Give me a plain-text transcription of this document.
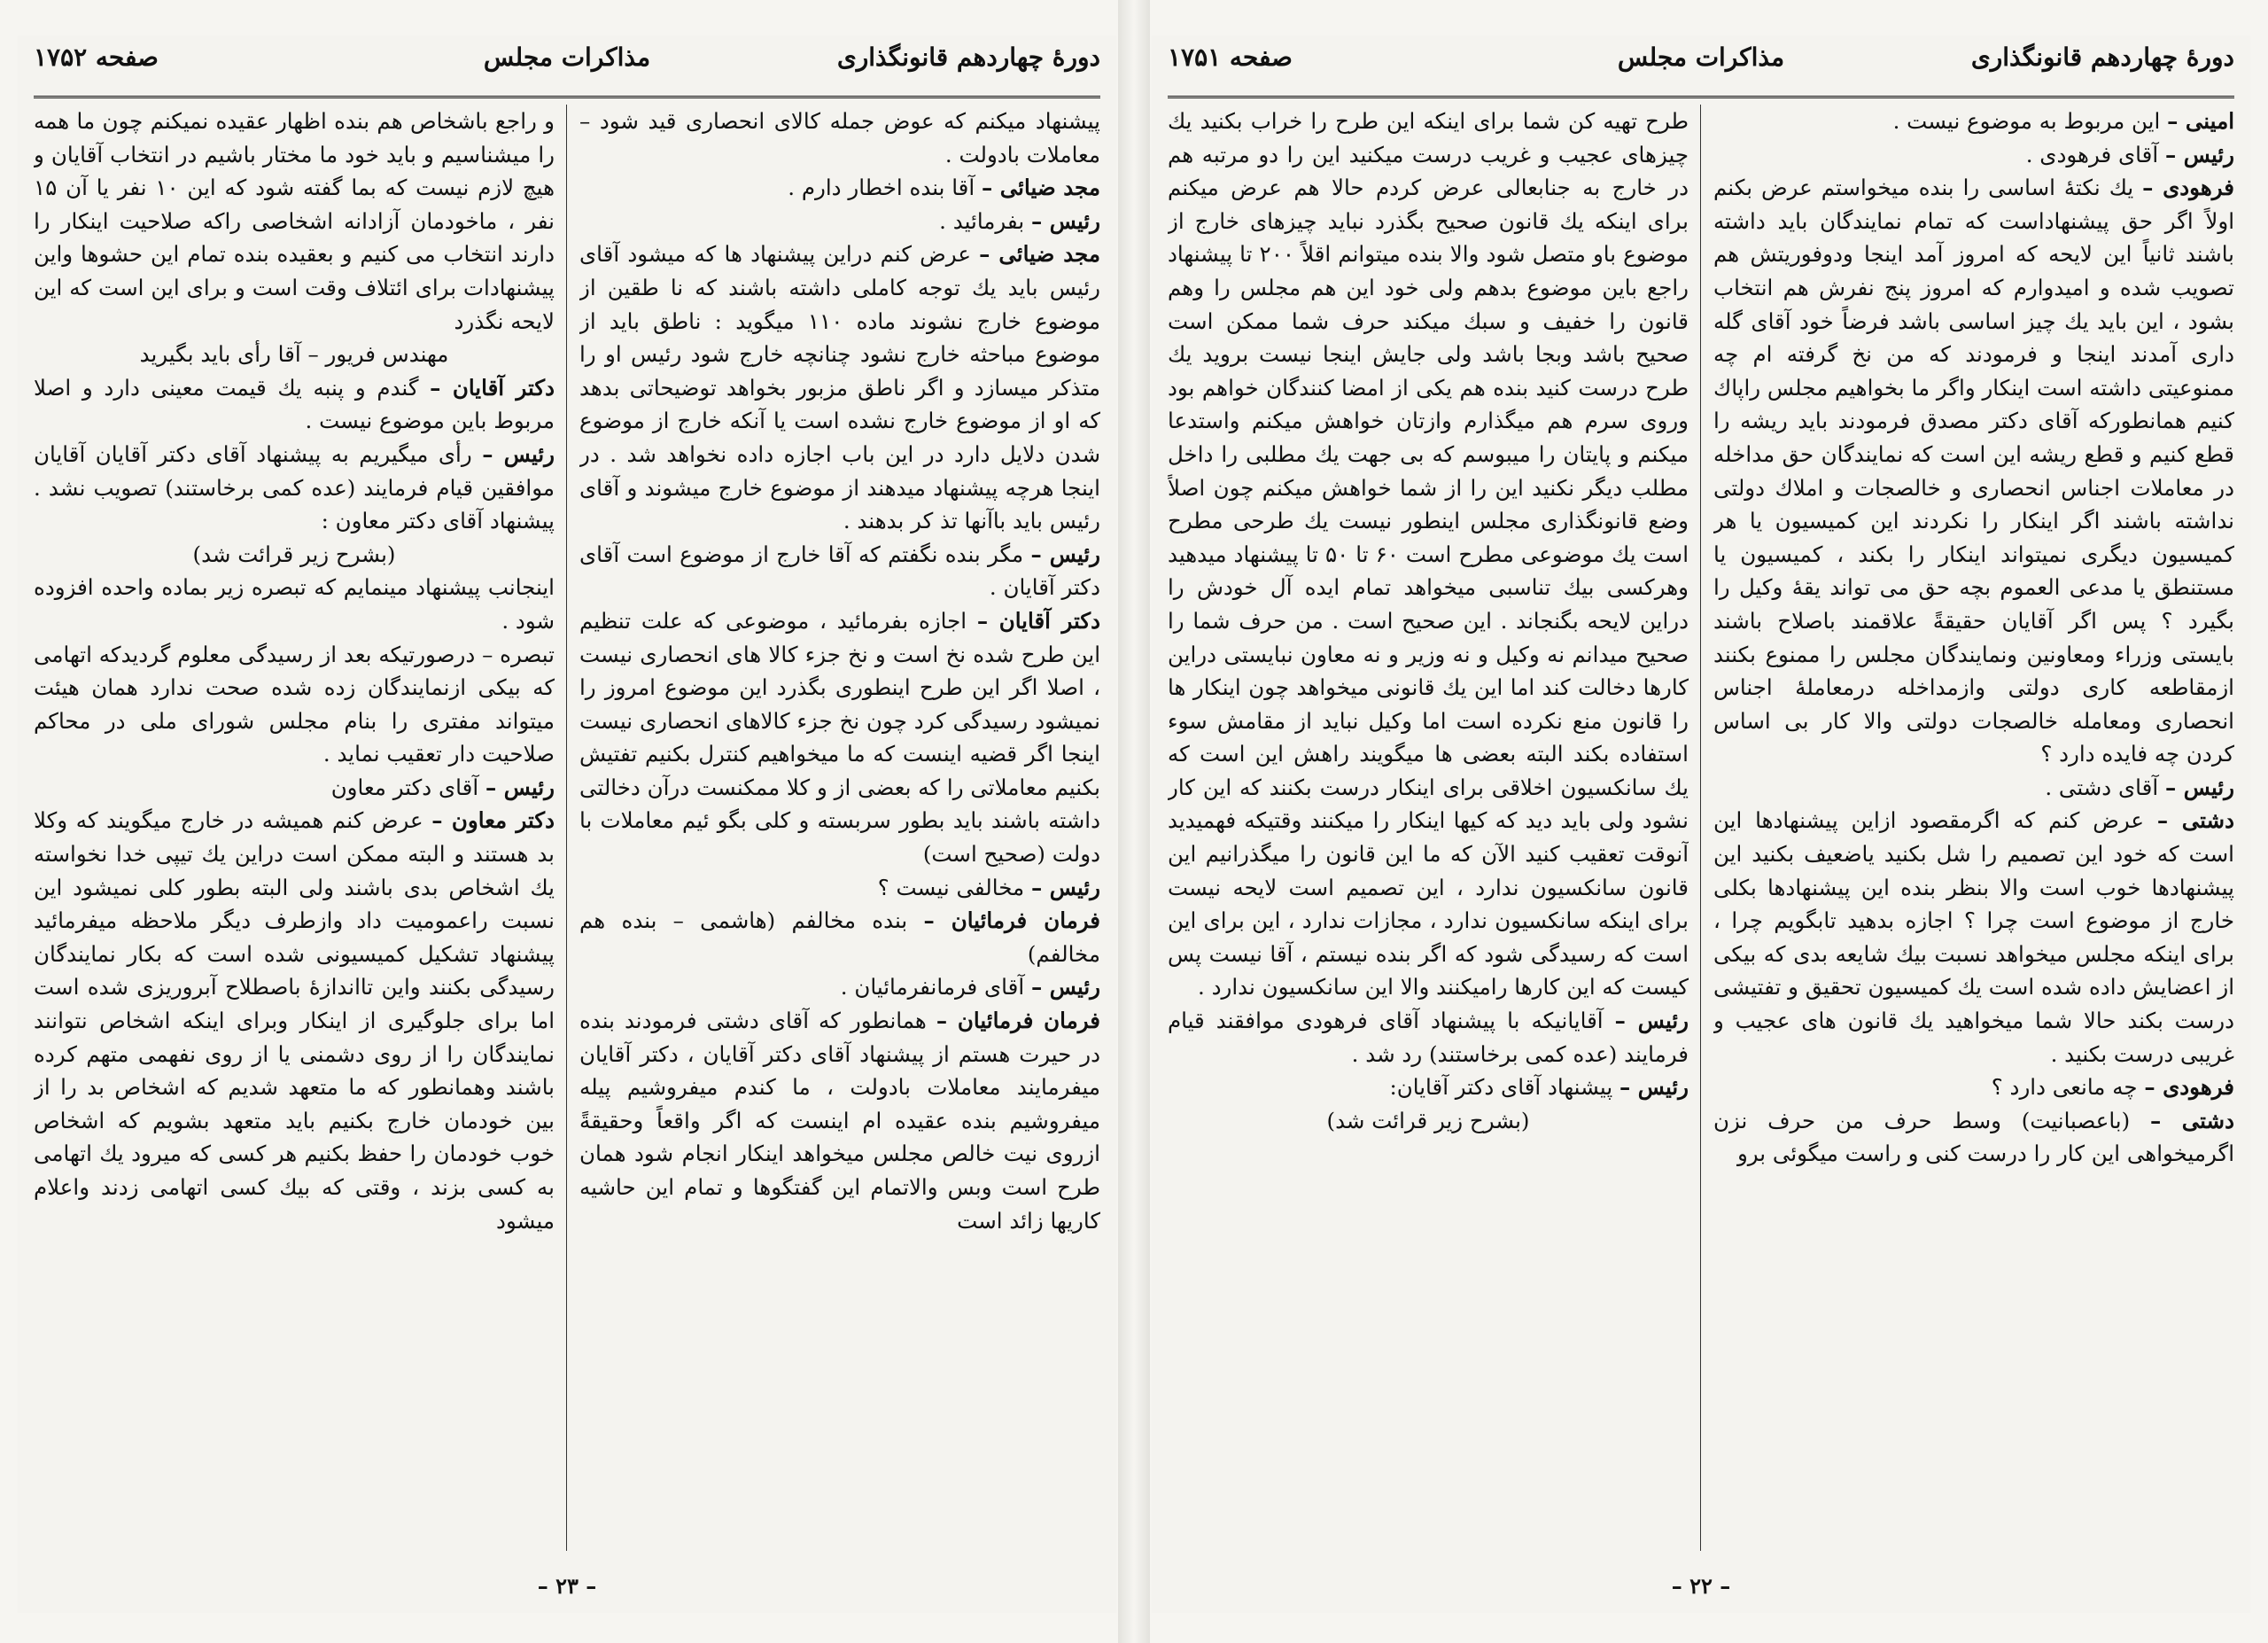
دورهٔ چهاردهم قانونگذاری
مذاکرات مجلس
صفحه ۱۷۵۲

پیشنهاد میکنم که عوض جمله کالای انحصاری قید شود – معاملات بادولت .

مجد ضیائی – آقا بنده اخطار دارم .

رئیس – بفرمائید .

مجد ضیائی – عرض کنم دراین پیشنهاد ها که میشود آقای رئیس باید یك توجه کاملی داشته باشند که نا طقین از موضوع خارج نشوند ماده ۱۱۰ میگوید : ناطق باید از موضوع مباحثه خارج نشود چنانچه خارج شود رئیس او را متذکر میسازد و اگر ناطق مزبور بخواهد توضیحاتی بدهد که او از موضوع خارج نشده است یا آنکه خارج از موضوع شدن دلایل دارد در این باب اجازه داده نخواهد شد . در اینجا هرچه پیشنهاد میدهند از موضوع خارج میشوند و آقای رئیس باید باآنها تذ کر بدهند .

رئیس – مگر بنده نگفتم که آقا خارج از موضوع است آقای دکتر آقایان .

دکتر آقایان – اجازه بفرمائید ، موضوعی که علت تنظیم این طرح شده نخ است و نخ جزء کالا های انحصاری نیست ، اصلا اگر این طرح اینطوری بگذرد این موضوع امروز را نمیشود رسیدگی کرد چون نخ جزء کالاهای انحصاری نیست اینجا اگر قضیه اینست که ما میخواهیم کنترل بکنیم تفتیش بکنیم معاملاتی را که بعضی از و کلا ممکنست درآن دخالتی داشته باشند باید بطور سربسته و کلی بگو ئیم معاملات با دولت (صحیح است)

رئیس – مخالفی نیست ؟

فرمان فرمائیان – بنده مخالفم (هاشمی – بنده هم مخالفم)

رئیس – آقای فرمانفرمائیان .

فرمان فرمائیان – همانطور که آقای دشتی فرمودند بنده در حیرت هستم از پیشنهاد آقای دکتر آقایان ، دکتر آقایان میفرمایند معاملات بادولت ، ما کندم میفروشیم پیله میفروشیم بنده عقیده ام اینست که اگر واقعاً وحقیقةً ازروی نیت خالص مجلس میخواهد اینکار انجام شود همان طرح است وبس والاتمام این گفتگوها و تمام این حاشیه کاریها زائد است

و راجع باشخاص هم بنده اظهار عقیده نمیکنم چون ما همه را میشناسیم و باید خود ما مختار باشیم در انتخاب آقایان و هیچ لازم نیست که بما گفته شود که این ۱۰ نفر یا آن ۱۵ نفر ، ماخودمان آزادانه اشخاصی راکه صلاحیت اینکار را دارند انتخاب می کنیم و بعقیده بنده تمام این حشوها واین پیشنهادات برای ائتلاف وقت است و برای این است که این لایحه نگذرد

مهندس فریور – آقا رأی باید بگیرید

دکتر آقایان – گندم و پنبه یك قیمت معینی دارد و اصلا مربوط باین موضوع نیست .

رئیس – رأی میگیریم به پیشنهاد آقای دکتر آقایان آقایان موافقین قیام فرمایند (عده کمی برخاستند) تصویب نشد . پیشنهاد آقای دکتر معاون :

(بشرح زیر قرائت شد)

اینجانب پیشنهاد مینمایم که تبصره زیر بماده واحده افزوده شود .

تبصره – درصورتیکه بعد از رسیدگی معلوم گردیدکه اتهامی که بیکی ازنمایندگان زده شده صحت ندارد همان هیئت میتواند مفتری را بنام مجلس شورای ملی در محاکم صلاحیت دار تعقیب نماید .

رئیس – آقای دکتر معاون

دکتر معاون – عرض کنم همیشه در خارج میگویند که وکلا بد هستند و البته ممکن است دراین یك تیپی خدا نخواسته یك اشخاص بدی باشند ولی البته بطور کلی نمیشود این نسبت راعمومیت داد وازطرف دیگر ملاحظه میفرمائید پیشنهاد تشکیل کمیسیونی شده است که بکار نمایندگان رسیدگی بکنند واین تااندازهٔ باصطلاح آبروریزی شده است اما برای جلوگیری از اینکار وبرای اینکه اشخاص نتوانند نمایندگان را از روی دشمنی یا از روی نفهمی متهم کرده باشند وهمانطور که ما متعهد شدیم که اشخاص بد را از بین خودمان خارج بکنیم باید متعهد بشویم که اشخاص خوب خودمان را حفظ بکنیم هر کسی که میرود یك اتهامی به کسی بزند ، وقتی که بیك کسی اتهامی زدند واعلام میشود

– ۲۳ –
دورهٔ چهاردهم قانونگذاری
مذاکرات مجلس
صفحه ۱۷۵۱

امینی – این مربوط به موضوع نیست .

رئیس – آقای فرهودی .

فرهودی – یك نکتهٔ اساسی را بنده میخواستم عرض بکنم اولاً اگر حق پیشنهاداست که تمام نمایندگان باید داشته باشند ثانیاً این لایحه که امروز آمد اینجا ودوفوریتش هم تصویب شده و امیدوارم که امروز پنج نفرش هم انتخاب بشود ، این باید یك چیز اساسی باشد فرضاً خود آقای گله داری آمدند اینجا و فرمودند که من نخ گرفته ام چه ممنوعیتی داشته است اینکار واگر ما بخواهیم مجلس راپاك کنیم همانطورکه آقای دکتر مصدق فرمودند باید ریشه را قطع کنیم و قطع ریشه این است که نمایندگان حق مداخله در معاملات اجناس انحصاری و خالصجات و املاك دولتی نداشته باشند اگر اینکار را نکردند این کمیسیون یا هر کمیسیون دیگری نمیتواند اینکار را بکند ، کمیسیون یا مستنطق یا مدعی العموم بچه حق می تواند یقهٔ وکیل را بگیرد ؟ پس اگر آقایان حقیقةً علاقمند باصلاح باشند بایستی وزراء ومعاونین ونمایندگان مجلس را ممنوع بکنند ازمقاطعه کاری دولتی وازمداخله درمعاملهٔ اجناس انحصاری ومعامله خالصجات دولتی والا کار بی اساس کردن چه فایده دارد ؟

رئیس – آقای دشتی .

دشتی – عرض کنم که اگرمقصود ازاین پیشنهادها این است که خود این تصمیم را شل بکنید یاضعیف بکنید این پیشنهادها خوب است والا بنظر بنده این پیشنهادها بکلی خارج از موضوع است چرا ؟ اجازه بدهید تابگویم چرا ، برای اینکه مجلس میخواهد نسبت بیك شایعه بدی که بیکی از اعضایش داده شده است یك کمیسیون تحقیق و تفتیشی درست بکند حالا شما میخواهید یك قانون های عجیب و غریبی درست بکنید .

فرهودی – چه مانعی دارد ؟

دشتی – (باعصبانیت) وسط حرف من حرف نزن اگرمیخواهی این کار را درست کنی و راست میگوئی برو

طرح تهیه کن شما برای اینکه این طرح را خراب بکنید یك چیزهای عجیب و غریب درست میکنید این را دو مرتبه هم در خارج به جنابعالی عرض کردم حالا هم عرض میکنم برای اینکه یك قانون صحیح بگذرد نباید چیزهای خارج از موضوع باو متصل شود والا بنده میتوانم اقلاً ۲۰۰ تا پیشنهاد راجع باین موضوع بدهم ولی خود این هم مجلس را وهم قانون را خفیف و سبك میکند حرف شما ممکن است صحیح باشد وبجا باشد ولی جایش اینجا نیست بروید یك طرح درست کنید بنده هم یکی از امضا کنندگان خواهم بود وروی سرم هم میگذارم وازتان خواهش میکنم واستدعا میکنم و پایتان را میبوسم که بی جهت یك مطلبی را داخل مطلب دیگر نکنید این را از شما خواهش میکنم چون اصلاً وضع قانونگذاری مجلس اینطور نیست یك طرحی مطرح است یك موضوعی مطرح است ۶۰ تا ۵۰ تا پیشنهاد میدهید وهرکسی بیك تناسبی میخواهد تمام ایده آل خودش را دراین لایحه بگنجاند . این صحیح است . من حرف شما را صحیح میدانم نه وکیل و نه وزیر و نه معاون نبایستی دراین کارها دخالت کند اما این یك قانونی میخواهد چون اینکار ها را قانون منع نکرده است اما وکیل نباید از مقامش سوء استفاده بکند البته بعضی ها میگویند راهش این است که یك سانکسیون اخلاقی برای اینکار درست بکنند که این کار نشود ولی باید دید که کیها اینکار را میکنند وقتیکه فهمیدید آنوقت تعقیب کنید الآن که ما این قانون را میگذرانیم این قانون سانکسیون ندارد ، این تصمیم است لایحه نیست برای اینکه سانکسیون ندارد ، مجازات ندارد ، این برای این است که رسیدگی شود که اگر بنده نیستم ، آقا نیست پس کیست که این کارها رامیکنند والا این سانکسیون ندارد .

رئیس – آقایانیکه با پیشنهاد آقای فرهودی موافقند قیام فرمایند (عده کمی برخاستند) رد شد .

رئیس – پیشنهاد آقای دکتر آقایان:

(بشرح زیر قرائت شد)

– ۲۲ –
